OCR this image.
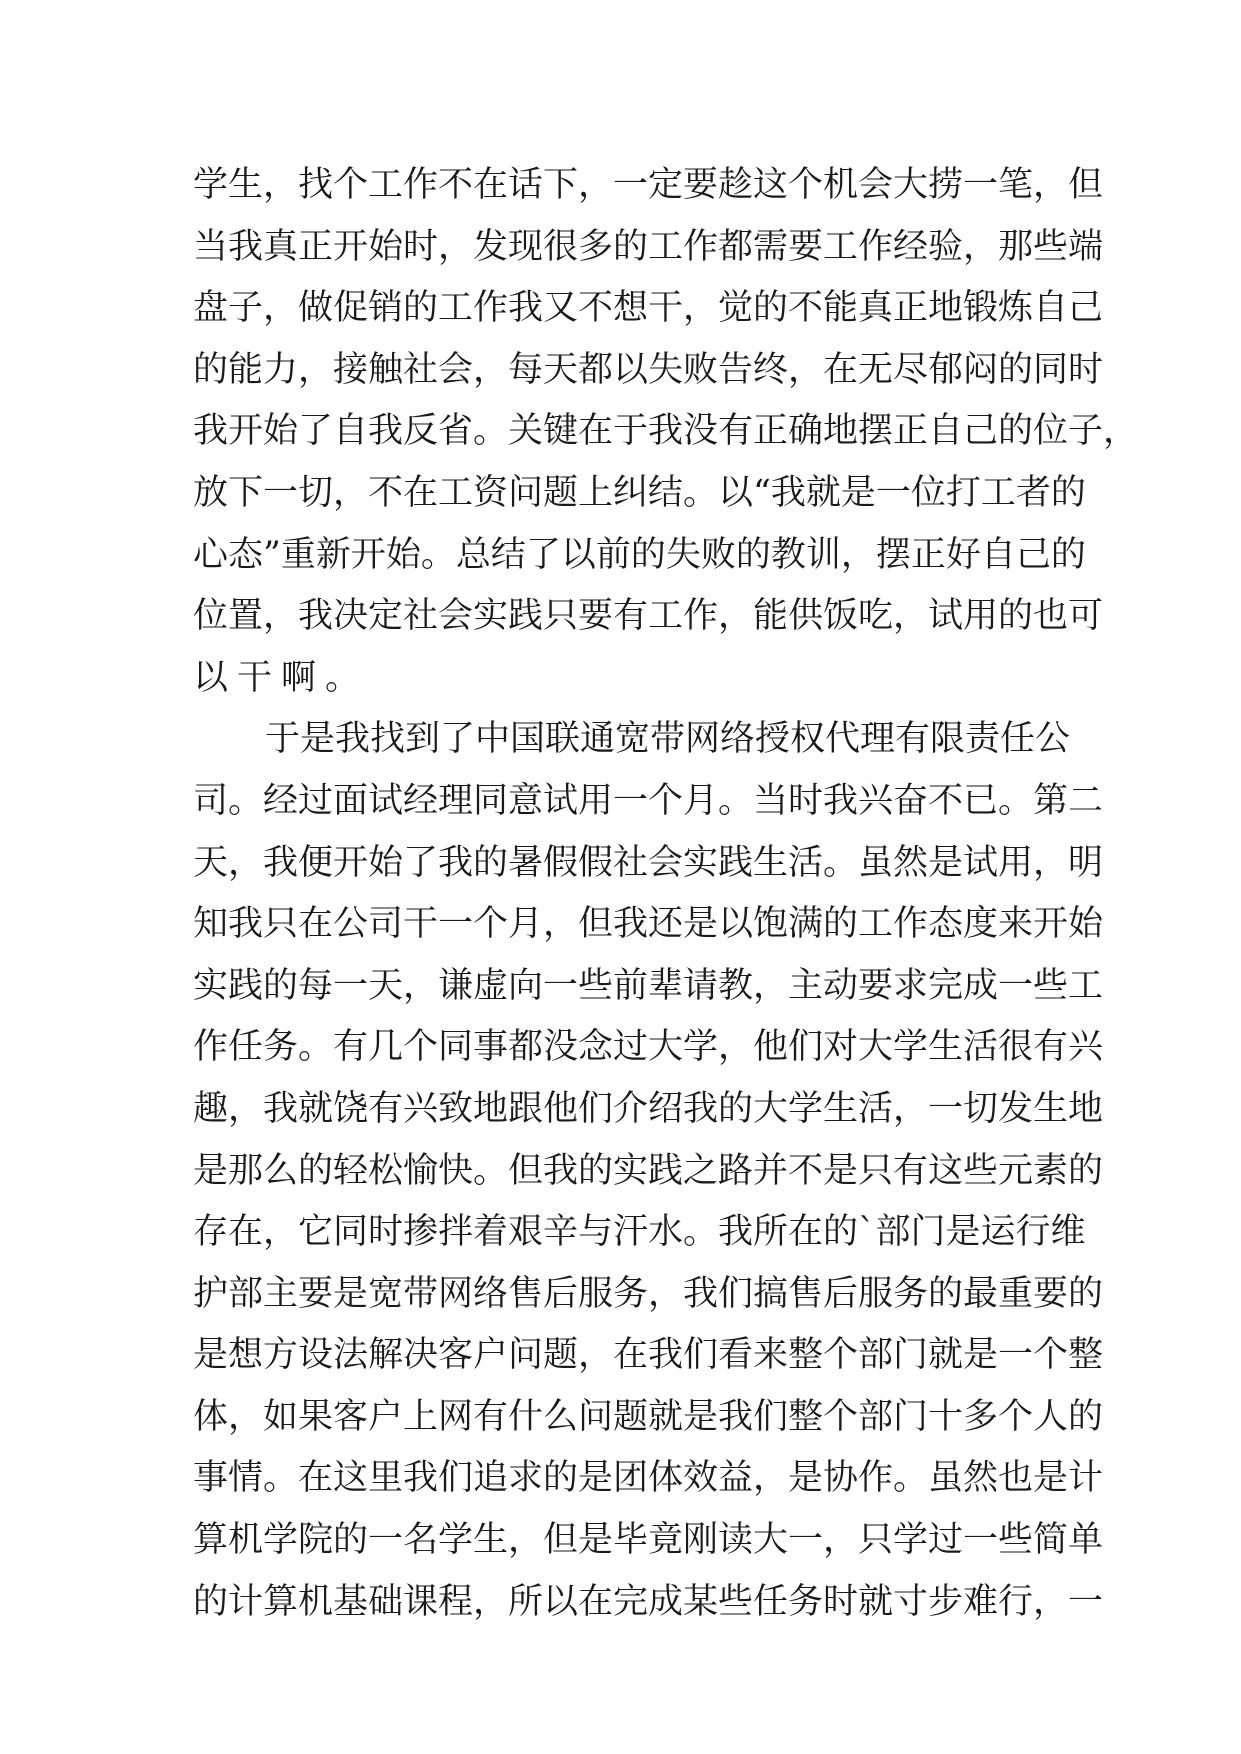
学生，找个工作不在话下，一定要趁这个机会大捞一笔，但
当我真正开始时，发现很多的工作都需要工作经验，那些端
盘子，做促销的工作我又不想干，觉的不能真正地锻炼自己
的能力，接触社会，每天都以失败告终，在无尽郁闷的同时
我开始了自我反省。关键在于我没有正确地摆正自己的位子，
放下一切，不在工资问题上纠结。以“我就是一位打工者的
心态”重新开始。总结了以前的失败的教训，摆正好自己的
位置，我决定社会实践只要有工作，能供饭吃，试用的也可
以干啊。
于是我找到了中国联通宽带网络授权代理有限责任公
司。经过面试经理同意试用一个月。当时我兴奋不已。第二
天，我便开始了我的暑假假社会实践生活。虽然是试用，明
知我只在公司干一个月，但我还是以饱满的工作态度来开始
实践的每一天，谦虚向一些前辈请教，主动要求完成一些工
作任务。有几个同事都没念过大学，他们对大学生活很有兴
趣，我就饶有兴致地跟他们介绍我的大学生活，一切发生地
是那么的轻松愉快。但我的实践之路并不是只有这些元素的
存在，它同时掺拌着艰辛与汗水。我所在的`部门是运行维
护部主要是宽带网络售后服务，我们搞售后服务的最重要的
是想方设法解决客户问题，在我们看来整个部门就是一个整
体，如果客户上网有什么问题就是我们整个部门十多个人的
事情。在这里我们追求的是团体效益，是协作。虽然也是计
算机学院的一名学生，但是毕竟刚读大一，只学过一些简单
的计算机基础课程，所以在完成某些任务时就寸步难行，一
